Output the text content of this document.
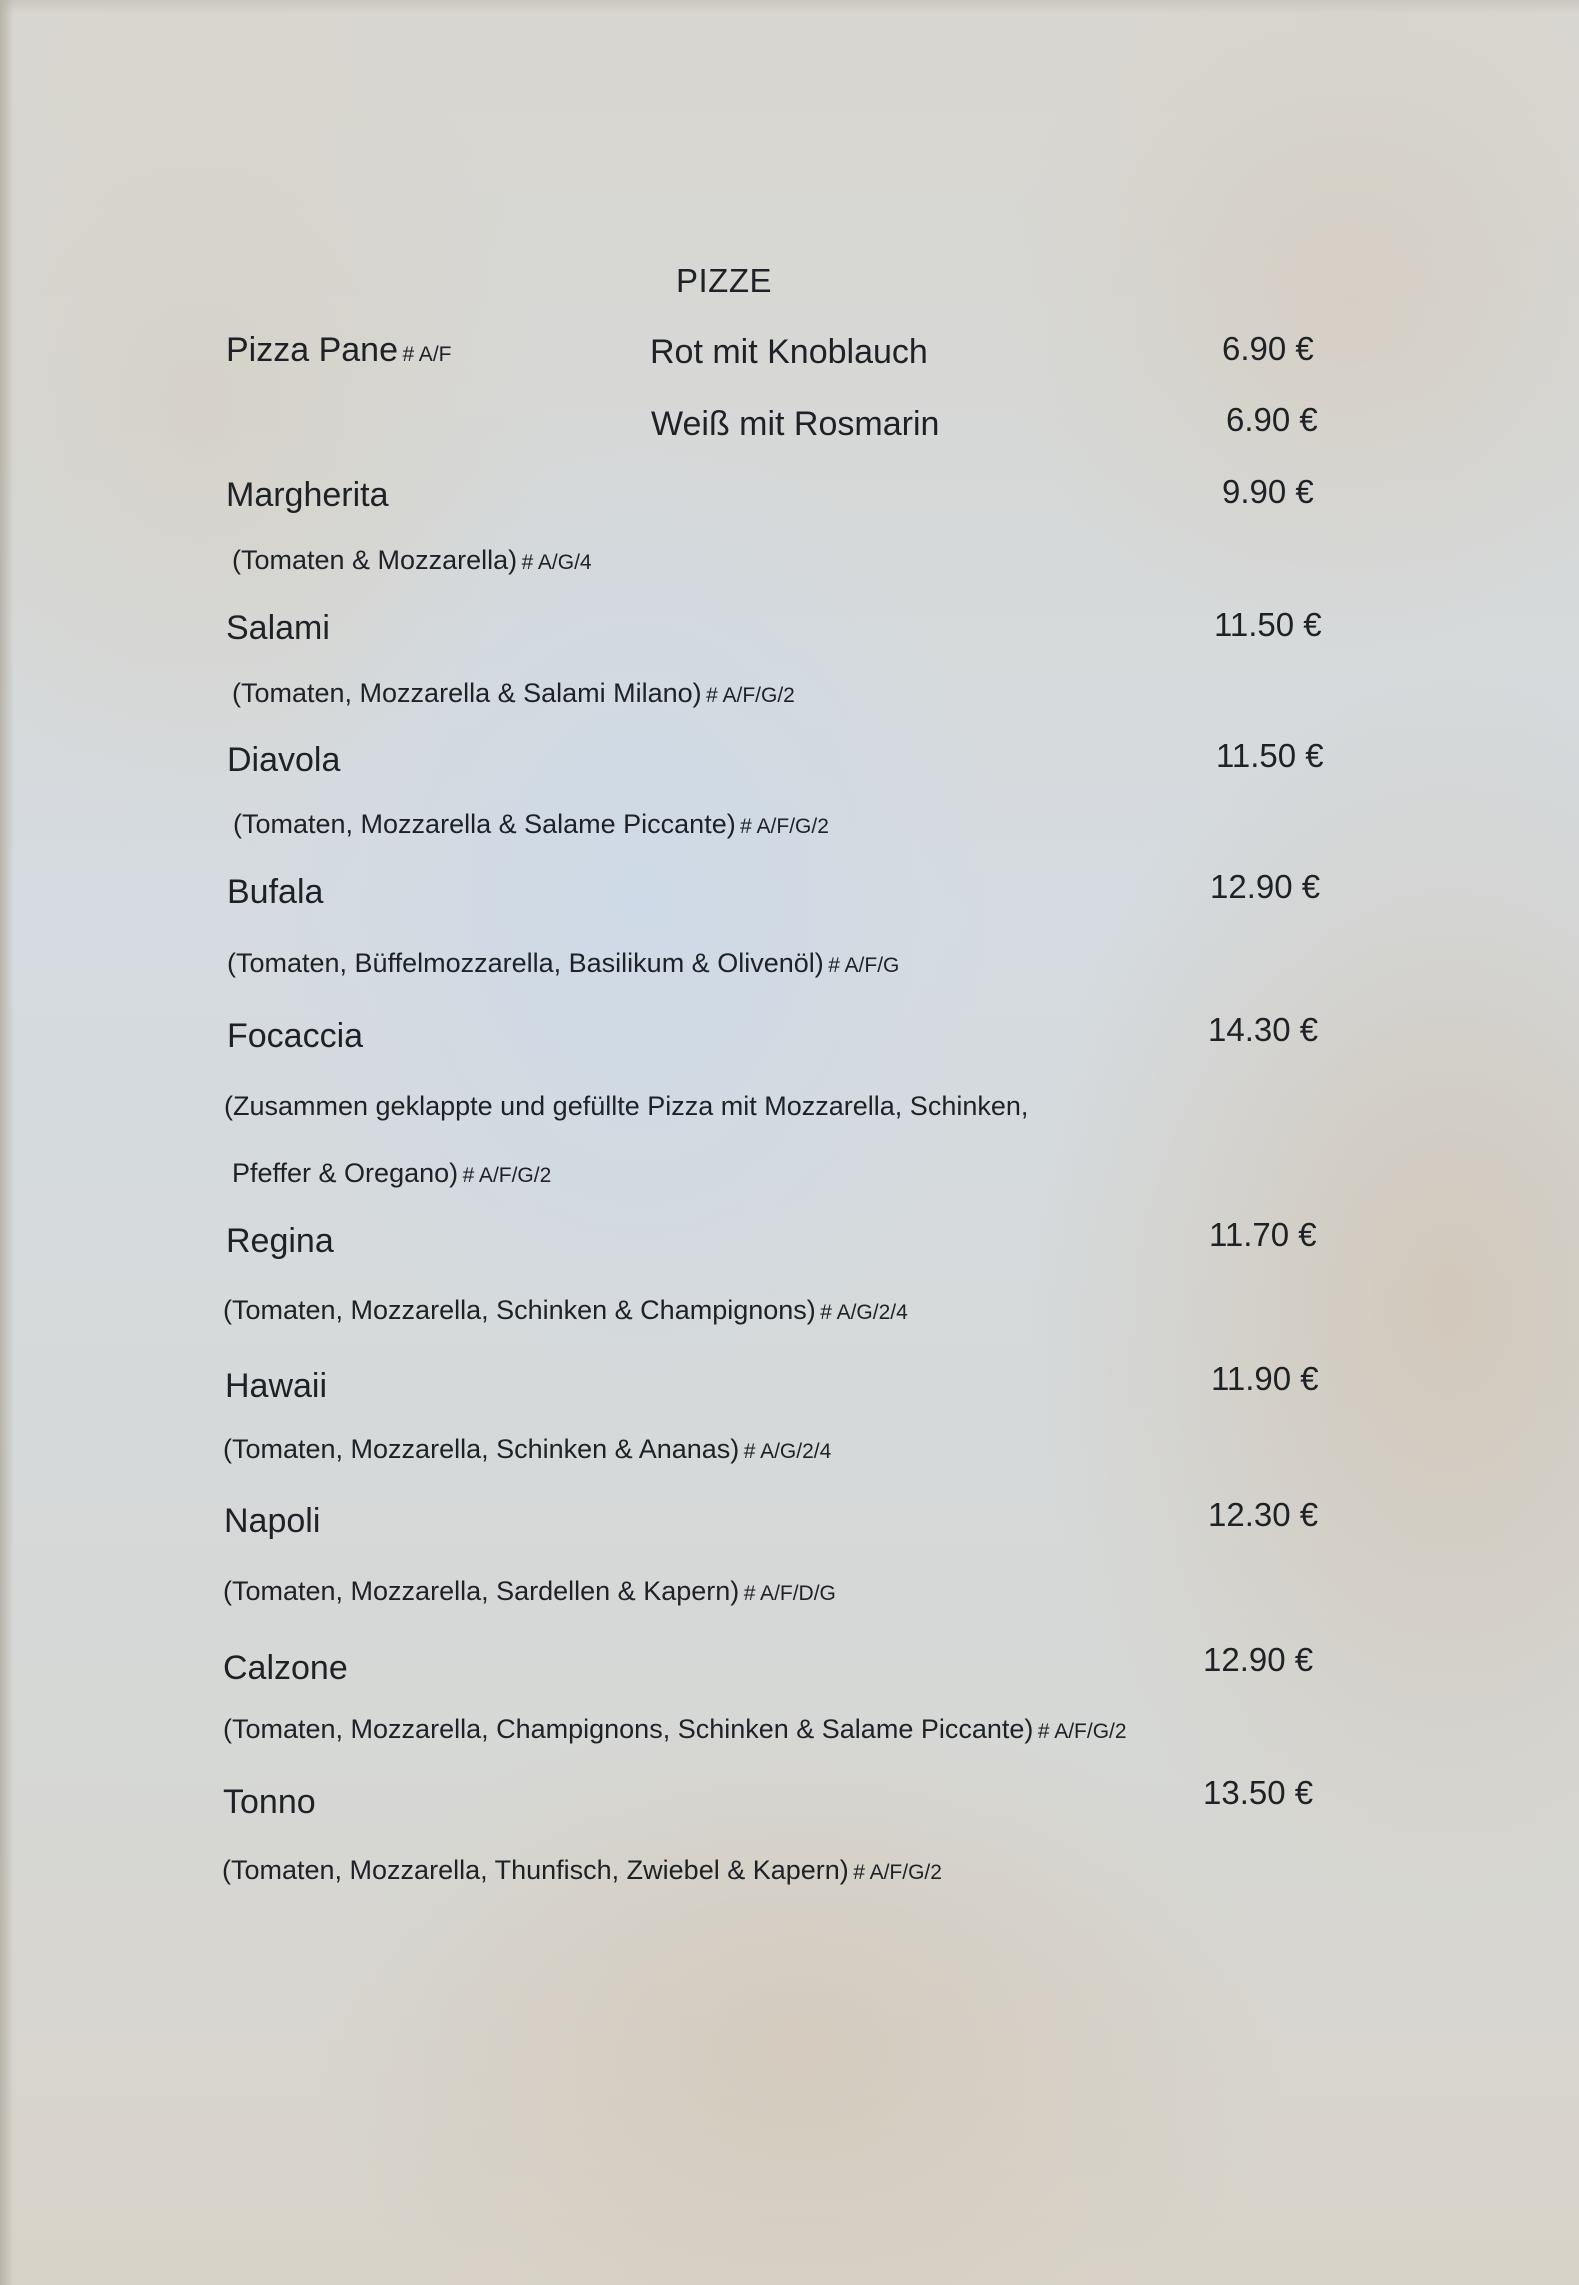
PIZZE
Pizza Pane # A/F	Rot mit Knoblauch	6.90 €
Weiß mit Rosmarin	6.90 €
Margherita	9.90 €
(Tomaten & Mozzarella) # A/G/4
Salami	11.50 €
(Tomaten, Mozzarella & Salami Milano) # A/F/G/2
Diavola	11.50 €
(Tomaten, Mozzarella & Salame Piccante) # A/F/G/2
Bufala	12.90 €
(Tomaten, Büffelmozzarella, Basilikum & Olivenöl) # A/F/G
Focaccia	14.30 €
(Zusammen geklappte und gefüllte Pizza mit Mozzarella, Schinken,
Pfeffer & Oregano) # A/F/G/2
Regina	11.70 €
(Tomaten, Mozzarella, Schinken & Champignons) # A/G/2/4
Hawaii	11.90 €
(Tomaten, Mozzarella, Schinken & Ananas) # A/G/2/4
Napoli	12.30 €
(Tomaten, Mozzarella, Sardellen & Kapern) # A/F/D/G
Calzone	12.90 €
(Tomaten, Mozzarella, Champignons, Schinken & Salame Piccante) # A/F/G/2
Tonno	13.50 €
(Tomaten, Mozzarella, Thunfisch, Zwiebel & Kapern) # A/F/G/2
